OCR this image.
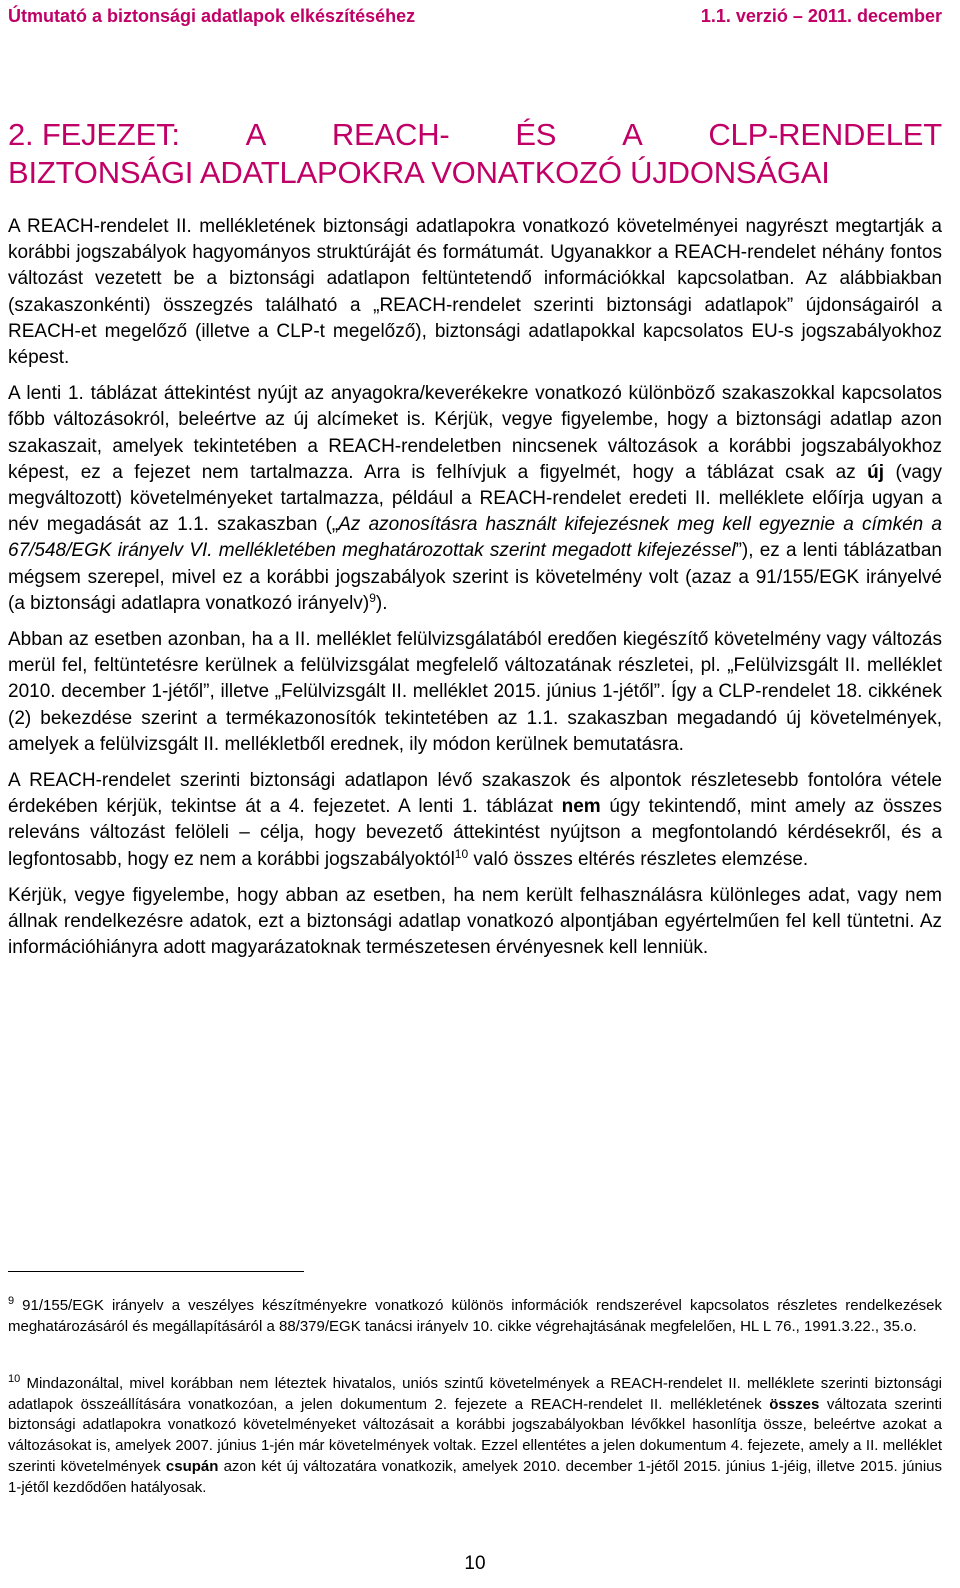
Útmutató a biztonsági adatlapok elkészítéséhez	1.1. verzió – 2011. december
2. FEJEZET: A REACH- ÉS A CLP-RENDELET
BIZTONSÁGI ADATLAPOKRA VONATKOZÓ ÚJDONSÁGAI

A REACH-rendelet II. mellékletének biztonsági adatlapokra vonatkozó követelményei nagyrészt megtartják a korábbi jogszabályok hagyományos struktúráját és formátumát. Ugyanakkor a REACH-rendelet néhány fontos változást vezetett be a biztonsági adatlapon feltüntetendő információkkal kapcsolatban. Az alábbiakban (szakaszonkénti) összegzés található a „REACH-rendelet szerinti biztonsági adatlapok” újdonságairól a REACH-et megelőző (illetve a CLP-t megelőző), biztonsági adatlapokkal kapcsolatos EU-s jogszabályokhoz képest.

A lenti 1. táblázat áttekintést nyújt az anyagokra/keverékekre vonatkozó különböző szakaszokkal kapcsolatos főbb változásokról, beleértve az új alcímeket is. Kérjük, vegye figyelembe, hogy a biztonsági adatlap azon szakaszait, amelyek tekintetében a REACH-rendeletben nincsenek változások a korábbi jogszabályokhoz képest, ez a fejezet nem tartalmazza. Arra is felhívjuk a figyelmét, hogy a táblázat csak az új (vagy megváltozott) követelményeket tartalmazza, például a REACH-rendelet eredeti II. melléklete előírja ugyan a név megadását az 1.1. szakaszban („Az azonosításra használt kifejezésnek meg kell egyeznie a címkén a 67/548/EGK irányelv VI. mellékletében meghatározottak szerint megadott kifejezéssel”), ez a lenti táblázatban mégsem szerepel, mivel ez a korábbi jogszabályok szerint is követelmény volt (azaz a 91/155/EGK irányelvé (a biztonsági adatlapra vonatkozó irányelv)$^9$).

Abban az esetben azonban, ha a II. melléklet felülvizsgálatából eredően kiegészítő követelmény vagy változás merül fel, feltüntetésre kerülnek a felülvizsgálat megfelelő változatának részletei, pl. „Felülvizsgált II. melléklet 2010. december 1-jétől”, illetve „Felülvizsgált II. melléklet 2015. június 1-jétől”. Így a CLP-rendelet 18. cikkének (2) bekezdése szerint a termékazonosítók tekintetében az 1.1. szakaszban megadandó új követelmények, amelyek a felülvizsgált II. mellékletből erednek, ily módon kerülnek bemutatásra.

A REACH-rendelet szerinti biztonsági adatlapon lévő szakaszok és alpontok részletesebb fontolóra vétele érdekében kérjük, tekintse át a 4. fejezetet. A lenti 1. táblázat nem úgy tekintendő, mint amely az összes releváns változást felöleli – célja, hogy bevezető áttekintést nyújtson a megfontolandó kérdésekről, és a legfontosabb, hogy ez nem a korábbi jogszabályoktól$^{10}$ való összes eltérés részletes elemzése.

Kérjük, vegye figyelembe, hogy abban az esetben, ha nem került felhasználásra különleges adat, vagy nem állnak rendelkezésre adatok, ezt a biztonsági adatlap vonatkozó alpontjában egyértelműen fel kell tüntetni. Az információhiányra adott magyarázatoknak természetesen érvényesnek kell lenniük.

$^9$ 91/155/EGK irányelv a veszélyes készítményekre vonatkozó különös információk rendszerével kapcsolatos részletes rendelkezések meghatározásáról és megállapításáról a 88/379/EGK tanácsi irányelv 10. cikke végrehajtásának megfelelően, HL L 76., 1991.3.22., 35.o.
$^{10}$ Mindazonáltal, mivel korábban nem léteztek hivatalos, uniós szintű követelmények a REACH-rendelet II. melléklete szerinti biztonsági adatlapok összeállítására vonatkozóan, a jelen dokumentum 2. fejezete a REACH-rendelet II. mellékletének összes változata szerinti biztonsági adatlapokra vonatkozó követelményeket változásait a korábbi jogszabályokban lévőkkel hasonlítja össze, beleértve azokat a változásokat is, amelyek 2007. június 1-jén már követelmények voltak. Ezzel ellentétes a jelen dokumentum 4. fejezete, amely a II. melléklet szerinti követelmények csupán azon két új változatára vonatkozik, amelyek 2010. december 1-jétől 2015. június 1-jéig, illetve 2015. június 1-jétől kezdődően hatályosak.
10
